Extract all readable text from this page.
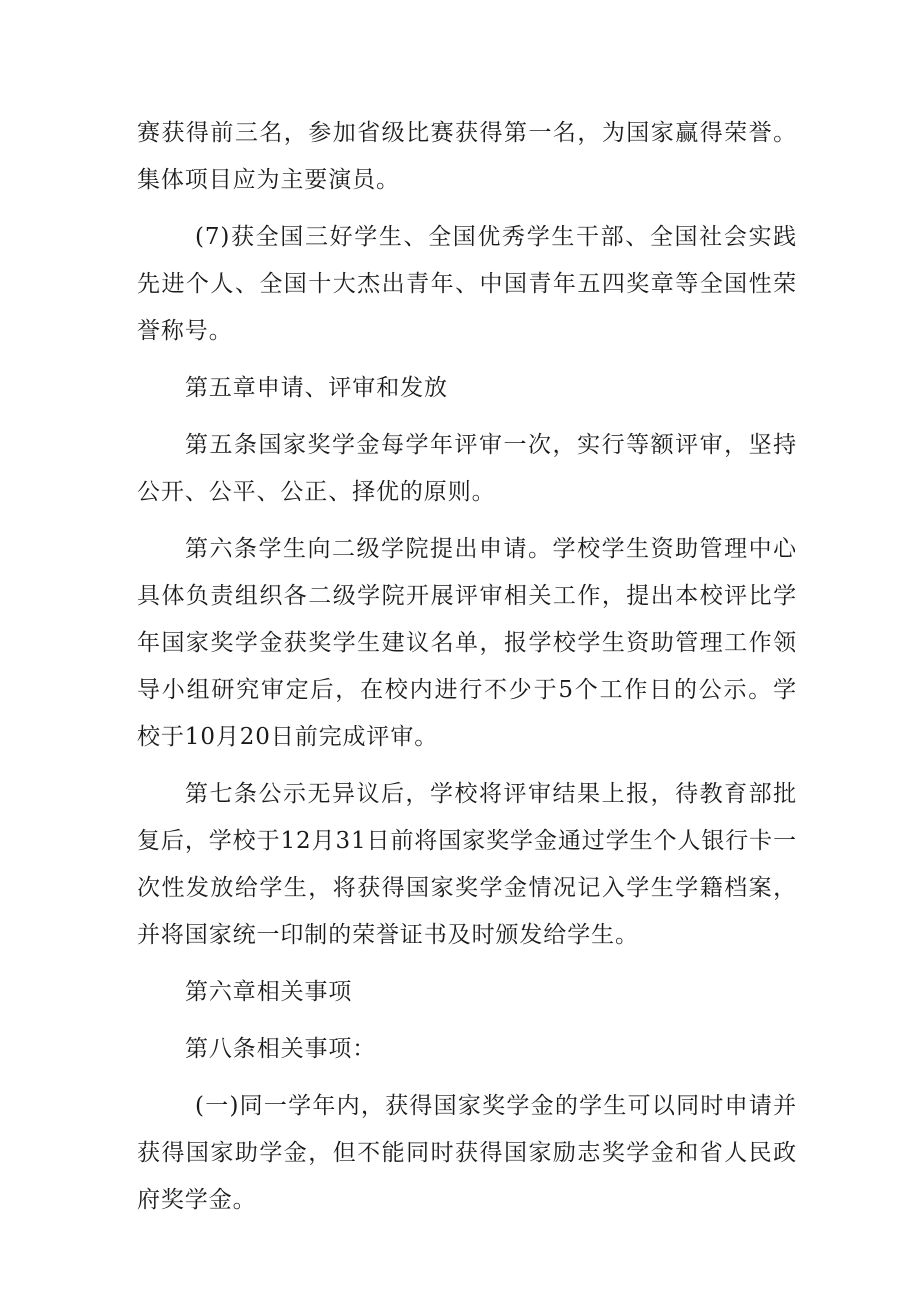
赛获得前三名，参加省级比赛获得第一名，为国家赢得荣誉。集体项目应为主要演员。

(7)获全国三好学生、全国优秀学生干部、全国社会实践先进个人、全国十大杰出青年、中国青年五四奖章等全国性荣誉称号。

第五章申请、评审和发放

第五条国家奖学金每学年评审一次，实行等额评审，坚持公开、公平、公正、择优的原则。

第六条学生向二级学院提出申请。学校学生资助管理中心具体负责组织各二级学院开展评审相关工作，提出本校评比学年国家奖学金获奖学生建议名单，报学校学生资助管理工作领导小组研究审定后，在校内进行不少于5个工作日的公示。学校于10月20日前完成评审。

第七条公示无异议后，学校将评审结果上报，待教育部批复后，学校于12月31日前将国家奖学金通过学生个人银行卡一次性发放给学生，将获得国家奖学金情况记入学生学籍档案，并将国家统一印制的荣誉证书及时颁发给学生。

第六章相关事项

第八条相关事项：

(一)同一学年内，获得国家奖学金的学生可以同时申请并获得国家助学金，但不能同时获得国家励志奖学金和省人民政府奖学金。
